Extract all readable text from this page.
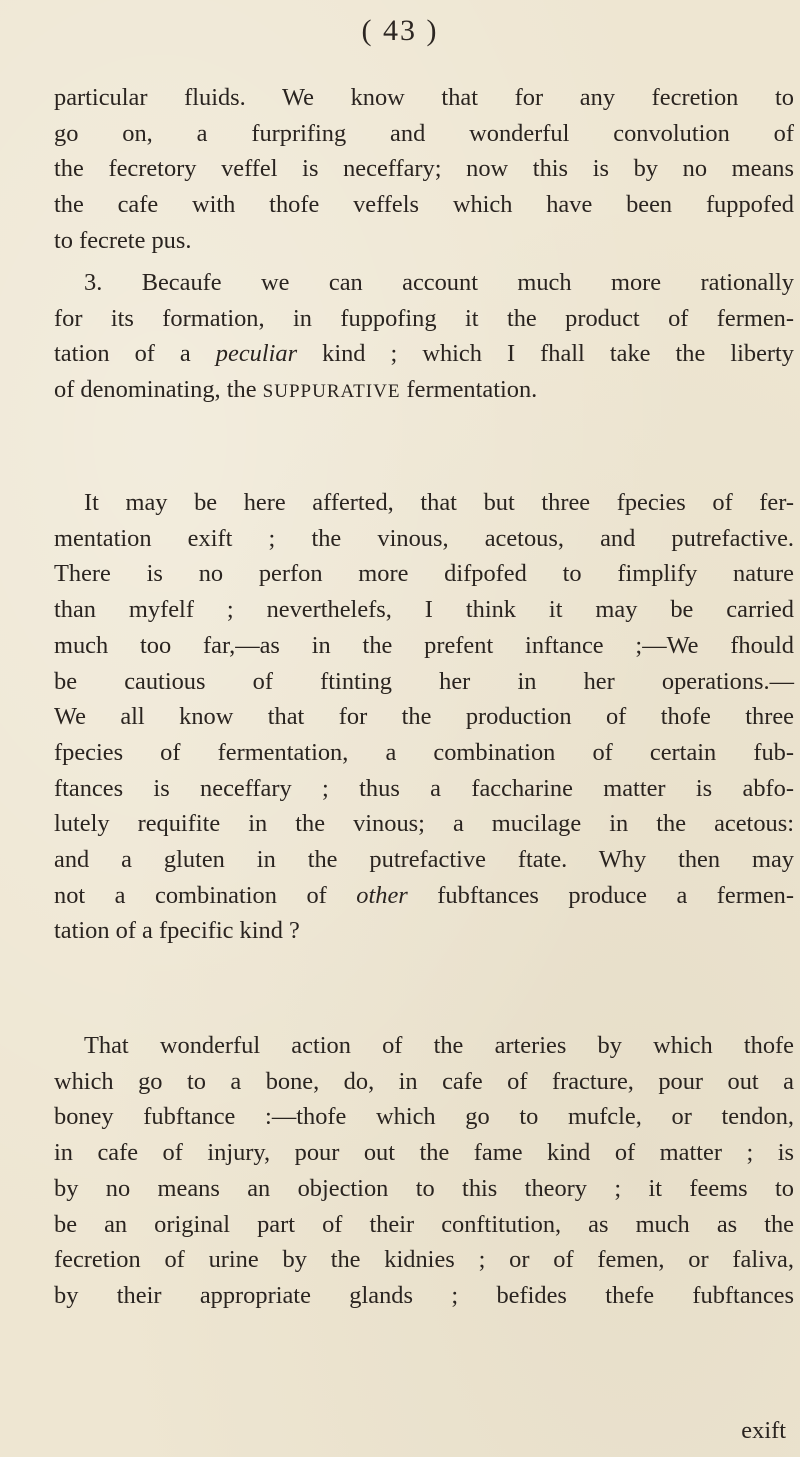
( 43 )
particular fluids. We know that for any fecretion to
go on, a furprifing and wonderful convolution of
the fecretory veffel is neceffary; now this is by no means
the cafe with thofe veffels which have been fuppofed
to fecrete pus.
3. Becaufe we can account much more rationally
for its formation, in fuppofing it the product of fermen-
tation of a peculiar kind ; which I fhall take the liberty
of denominating, the SUPPURATIVE fermentation.
It may be here afferted, that but three fpecies of fer-
mentation exift ; the vinous, acetous, and putrefactive.
There is no perfon more difpofed to fimplify nature
than myfelf ; neverthelefs, I think it may be carried
much too far,—as in the prefent inftance ;—We fhould
be cautious of ftinting her in her operations.—
We all know that for the production of thofe three
fpecies of fermentation, a combination of certain fub-
ftances is neceffary ; thus a faccharine matter is abfo-
lutely requifite in the vinous; a mucilage in the acetous:
and a gluten in the putrefactive ftate. Why then may
not a combination of other fubftances produce a fermen-
tation of a fpecific kind ?
That wonderful action of the arteries by which thofe
which go to a bone, do, in cafe of fracture, pour out a
boney fubftance :—thofe which go to mufcle, or tendon,
in cafe of injury, pour out the fame kind of matter ; is
by no means an objection to this theory ; it feems to
be an original part of their conftitution, as much as the
fecretion of urine by the kidnies ; or of femen, or faliva,
by their appropriate glands ; befides thefe fubftances
exift
